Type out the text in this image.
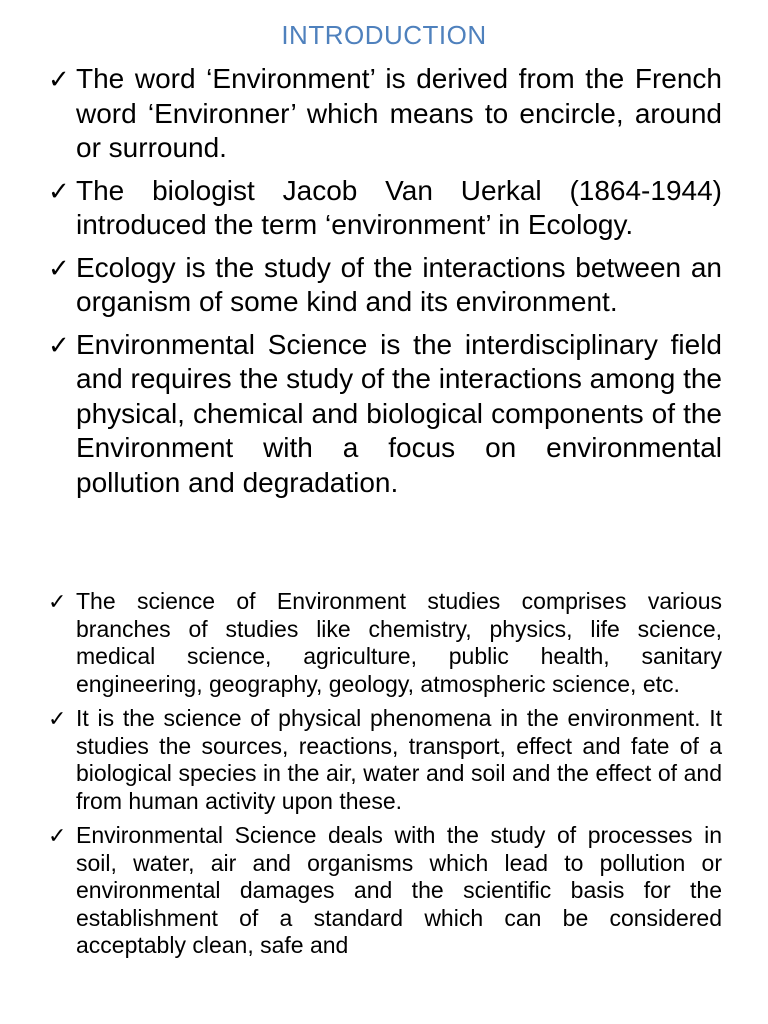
INTRODUCTION
✓ The word ‘Environment’ is derived from the French word ‘Environner’ which means to encircle, around or surround.
✓ The biologist Jacob Van Uerkal (1864-1944) introduced the term ‘environment’ in Ecology.
✓ Ecology is the study of the interactions between an organism of some kind and its environment.
✓ Environmental Science is the interdisciplinary field and requires the study of the interactions among the physical, chemical and biological components of the Environment with a focus on environmental pollution and degradation.
✓ The science of Environment studies comprises various branches of studies like chemistry, physics, life science, medical science, agriculture, public health, sanitary engineering, geography, geology, atmospheric science, etc.
✓ It is the science of physical phenomena in the environment. It studies the sources, reactions, transport, effect and fate of a biological species in the air, water and soil and the effect of and from human activity upon these.
✓ Environmental Science deals with the study of processes in soil, water, air and organisms which lead to pollution or environmental damages and the scientific basis for the establishment of a standard which can be considered acceptably clean, safe and
